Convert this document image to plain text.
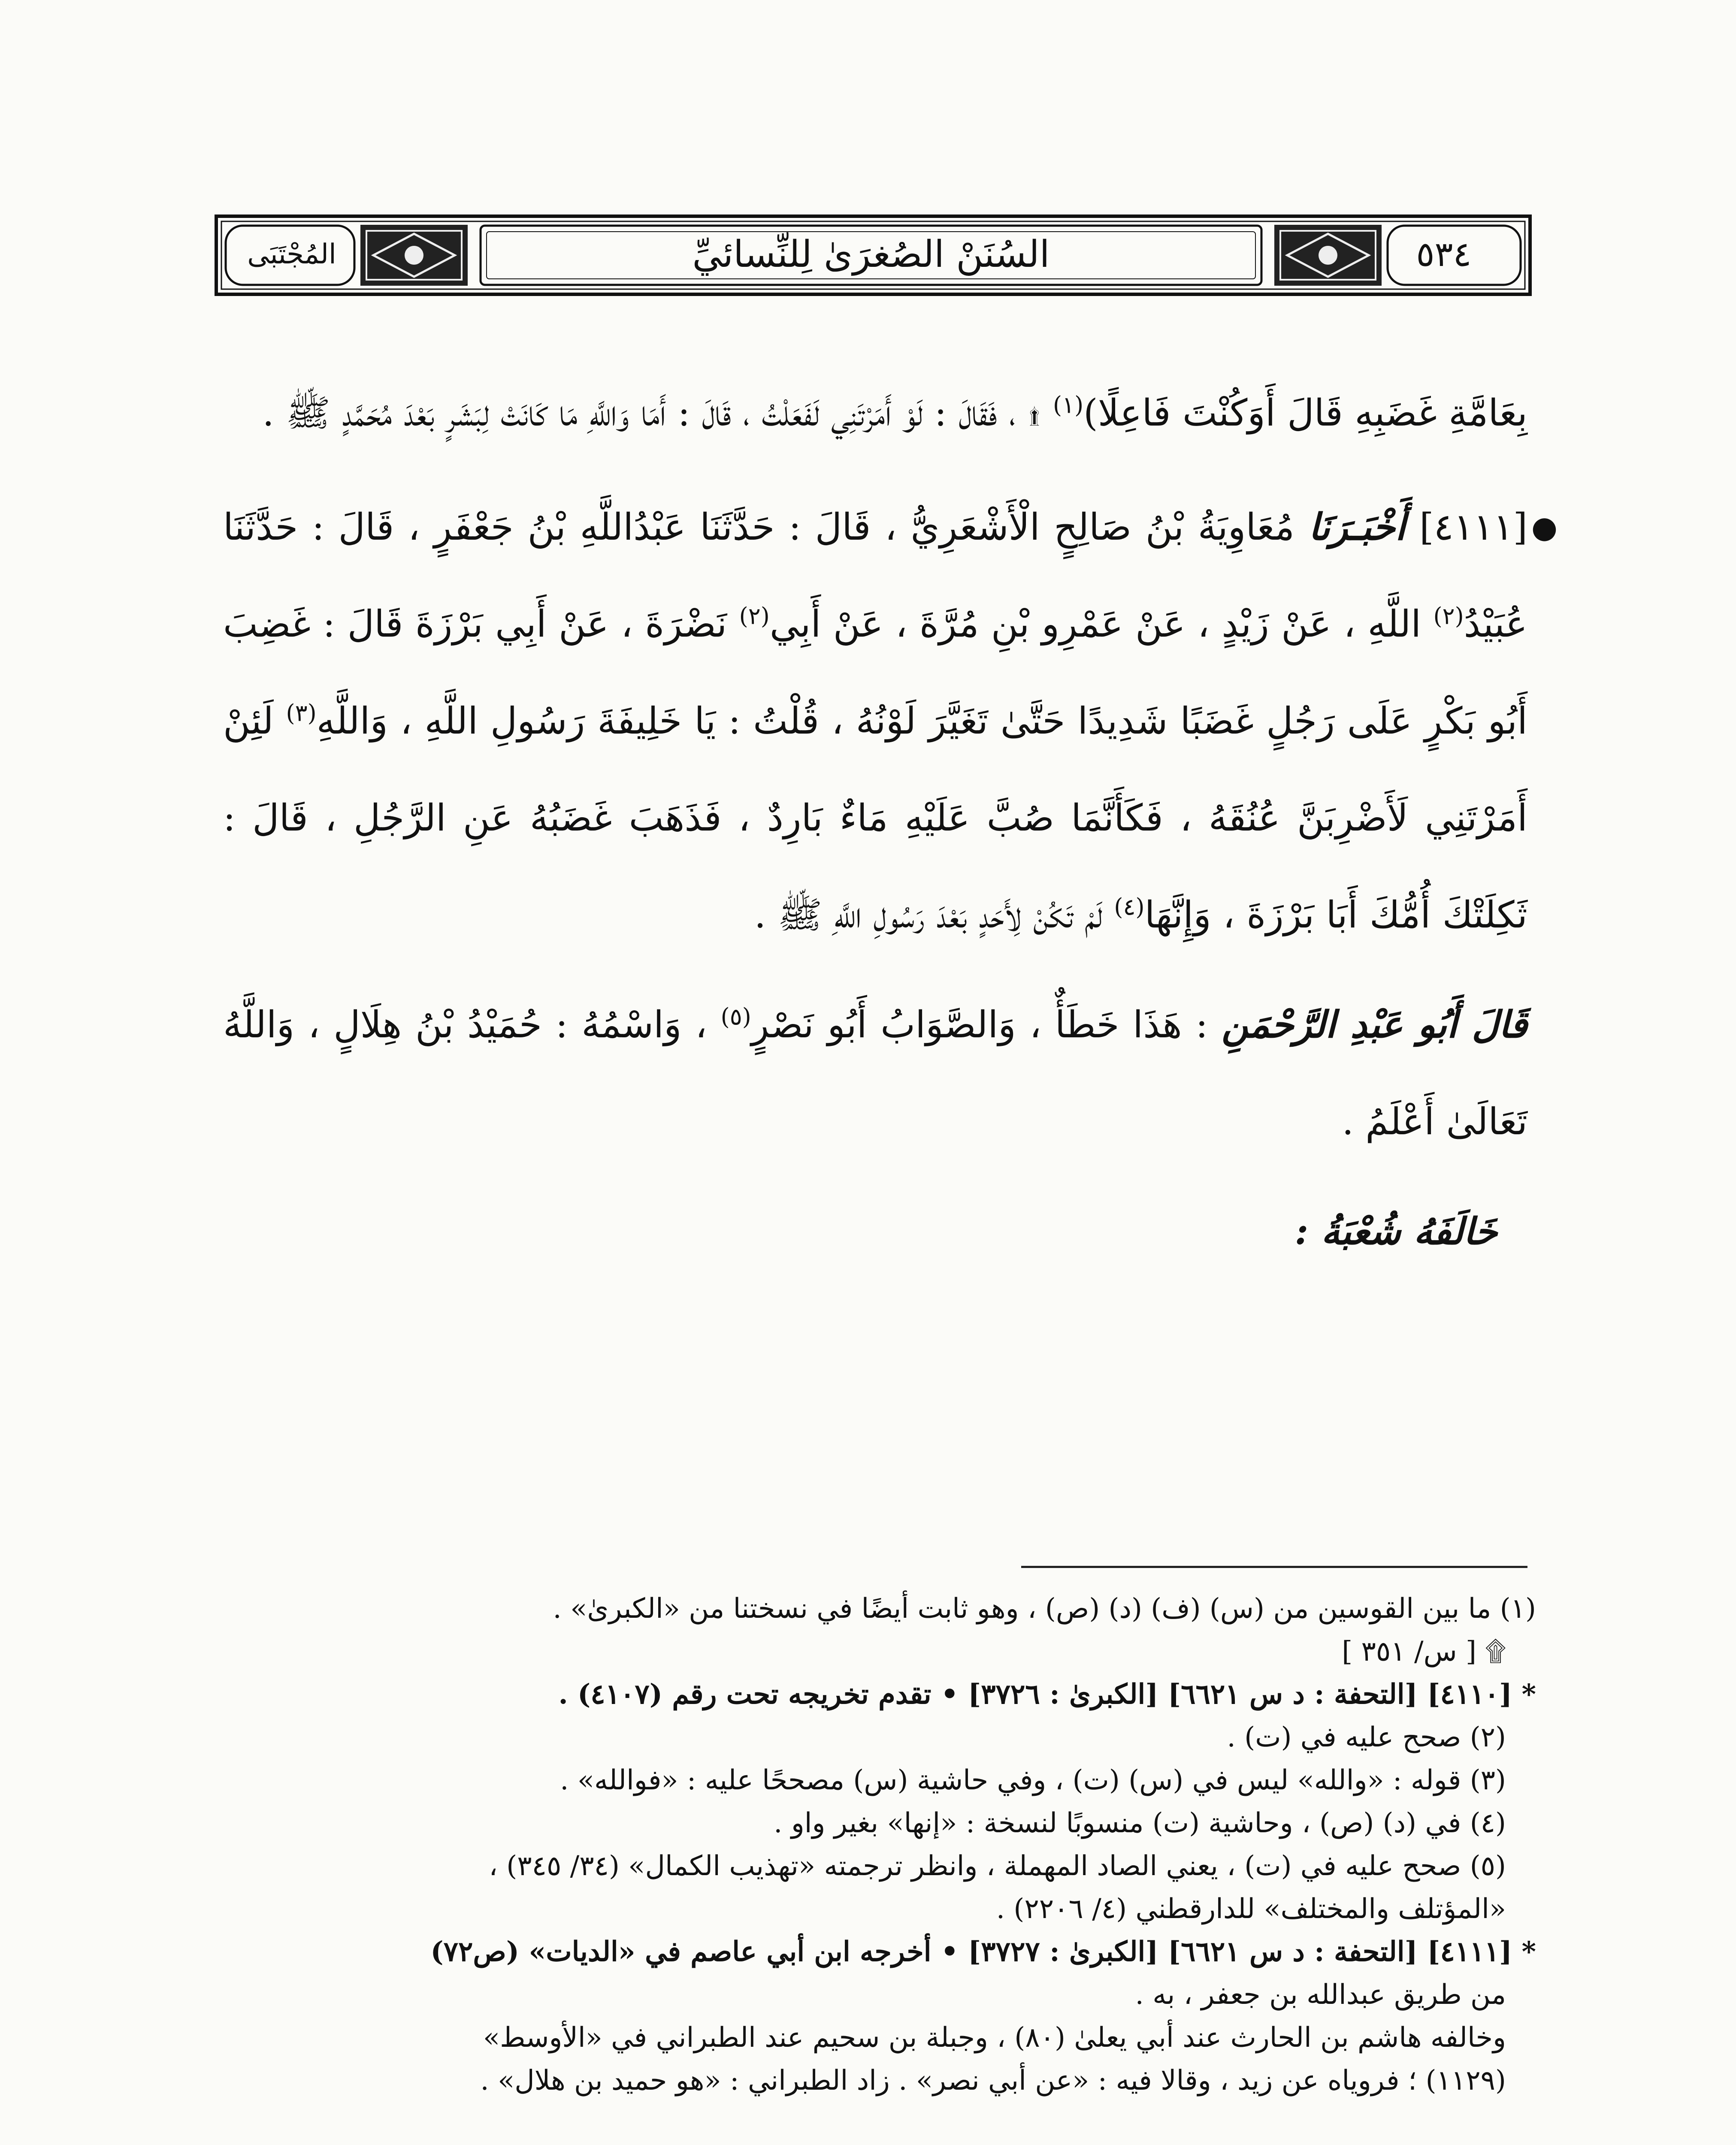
المُجْتَبَى	السُنَنْ الصُغرَىٰ لِلنِّسائيِّ	٥٣٤

بِعَامَّةِ غَضَبِهِ قَالَ أَوَكُنْتَ فَاعِلًا)$^{(١)}$ ۩ ، فَقَالَ : لَوْ أَمَرْتَنِي لَفَعَلْتُ ، قَالَ : أَمَا وَاللَّهِ مَا كَانَتْ لِبَشَرٍ بَعْدَ مُحَمَّدٍ ﷺ .

●
[٤١١١] أَخْبَـرَنَا مُعَاوِيَةُ بْنُ صَالِحٍ الْأَشْعَرِيُّ ، قَالَ : حَدَّثَنَا عَبْدُاللَّهِ بْنُ جَعْفَرٍ ، قَالَ : حَدَّثَنَا عُبَيْدُ$^{(٢)}$ اللَّهِ ، عَنْ زَيْدٍ ، عَنْ عَمْرِو بْنِ مُرَّةَ ، عَنْ أَبِي$^{(٢)}$ نَضْرَةَ ، عَنْ أَبِي بَرْزَةَ قَالَ : غَضِبَ أَبُو بَكْرٍ عَلَى رَجُلٍ غَضَبًا شَدِيدًا حَتَّىٰ تَغَيَّرَ لَوْنُهُ ، قُلْتُ : يَا خَلِيفَةَ رَسُولِ اللَّهِ ، وَاللَّهِ$^{(٣)}$ لَئِنْ أَمَرْتَنِي لَأَضْرِبَنَّ عُنُقَهُ ، فَكَأَنَّمَا صُبَّ عَلَيْهِ مَاءٌ بَارِدٌ ، فَذَهَبَ غَضَبُهُ عَنِ الرَّجُلِ ، قَالَ : ثَكِلَتْكَ أُمُّكَ أَبَا بَرْزَةَ ، وَإِنَّهَا$^{(٤)}$ لَمْ تَكُنْ لِأَحَدٍ بَعْدَ رَسُولِ اللَّهِ ﷺ .

قَالَ أَبُو عَبْدِ الرَّحْمَنِ : هَذَا خَطَأٌ ، وَالصَّوَابُ أَبُو نَصْرٍ$^{(٥)}$ ، وَاسْمُهُ : حُمَيْدُ بْنُ هِلَالٍ ، وَاللَّهُ تَعَالَىٰ أَعْلَمُ .

خَالَفَهُ شُعْبَةُ :

(١) ما بين القوسين من (س) (ف) (د) (ص) ، وهو ثابت أيضًا في نسختنا من «الكبرىٰ» .
۩ [ س/ ٣٥١ ]
* [٤١١٠] [التحفة : د س ٦٦٢١] [الكبرىٰ : ٣٧٢٦] • تقدم تخريجه تحت رقم (٤١٠٧) .
(٢) صحح عليه في (ت) .
(٣) قوله : «والله» ليس في (س) (ت) ، وفي حاشية (س) مصححًا عليه : «فوالله» .
(٤) في (د) (ص) ، وحاشية (ت) منسوبًا لنسخة : «إنها» بغير واو .
(٥) صحح عليه في (ت) ، يعني الصاد المهملة ، وانظر ترجمته «تهذيب الكمال» (٣٤/ ٣٤٥) ،
«المؤتلف والمختلف» للدارقطني (٤/ ٢٢٠٦) .
* [٤١١١] [التحفة : د س ٦٦٢١] [الكبرىٰ : ٣٧٢٧] • أخرجه ابن أبي عاصم في «الديات» (ص٧٢)
من طريق عبدالله بن جعفر ، به .
وخالفه هاشم بن الحارث عند أبي يعلىٰ (٨٠) ، وجبلة بن سحيم عند الطبراني في «الأوسط»
(١١٢٩) ؛ فروياه عن زيد ، وقالا فيه : «عن أبي نصر» . زاد الطبراني : «هو حميد بن هلال» .
